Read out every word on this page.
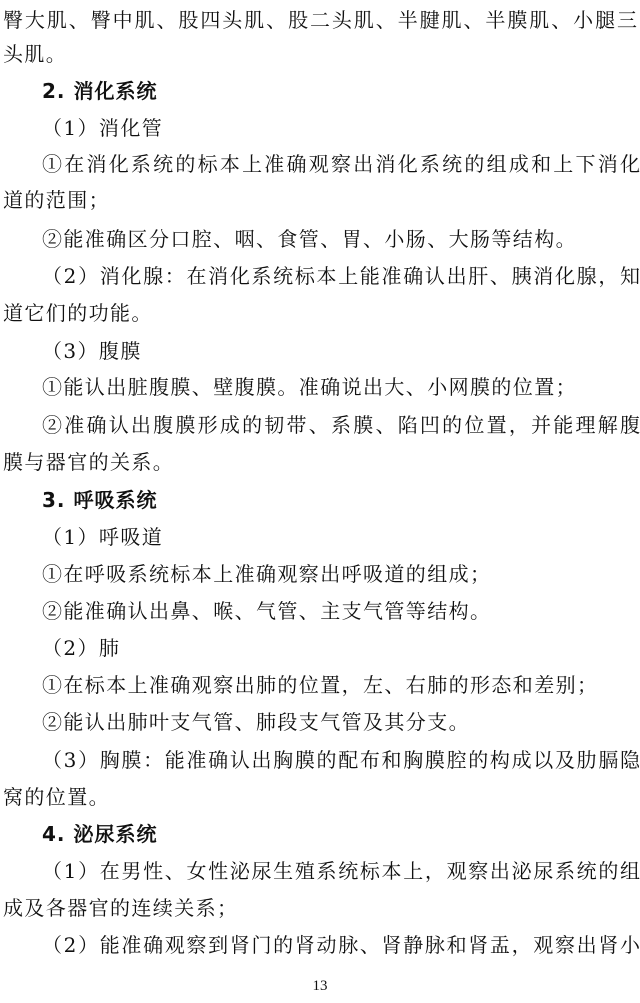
臀大肌、臀中肌、股四头肌、股二头肌、半腱肌、半膜肌、小腿三
头肌。
2. 消化系统
（1）消化管
①在消化系统的标本上准确观察出消化系统的组成和上下消化
道的范围；
②能准确区分口腔、咽、食管、胃、小肠、大肠等结构。
（2）消化腺：在消化系统标本上能准确认出肝、胰消化腺，知
道它们的功能。
（3）腹膜
①能认出脏腹膜、壁腹膜。准确说出大、小网膜的位置；
②准确认出腹膜形成的韧带、系膜、陷凹的位置，并能理解腹
膜与器官的关系。
3. 呼吸系统
（1）呼吸道
①在呼吸系统标本上准确观察出呼吸道的组成；
②能准确认出鼻、喉、气管、主支气管等结构。
（2）肺
①在标本上准确观察出肺的位置，左、右肺的形态和差别；
②能认出肺叶支气管、肺段支气管及其分支。
（3）胸膜：能准确认出胸膜的配布和胸膜腔的构成以及肋膈隐
窝的位置。
4. 泌尿系统
（1）在男性、女性泌尿生殖系统标本上，观察出泌尿系统的组
成及各器官的连续关系；
（2）能准确观察到肾门的肾动脉、肾静脉和肾盂，观察出肾小
13
